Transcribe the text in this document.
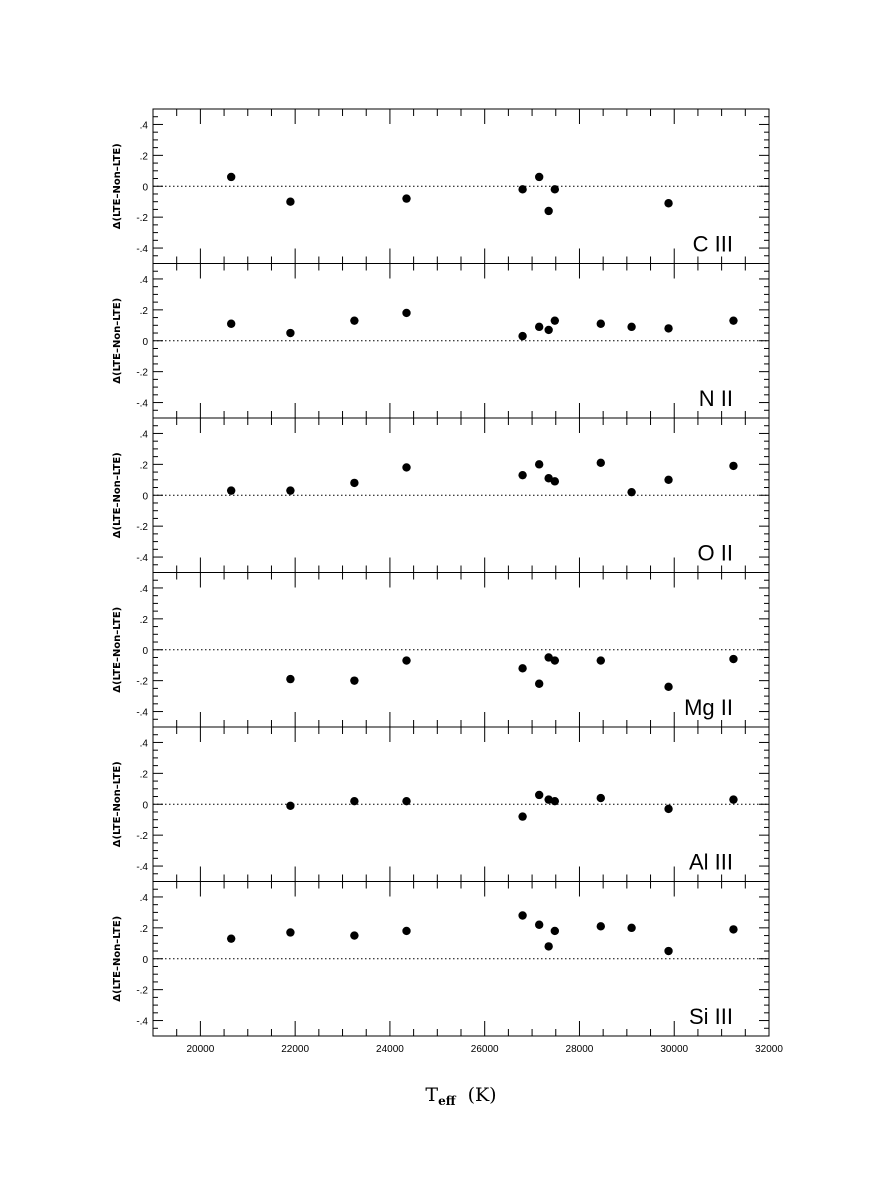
-.4
-.2
0
.2
.4
Δ(LTE–Non–LTE)
C III
-.4
-.2
0
.2
.4
Δ(LTE–Non–LTE)
N II
-.4
-.2
0
.2
.4
Δ(LTE–Non–LTE)
O II
-.4
-.2
0
.2
.4
Δ(LTE–Non–LTE)
Mg II
-.4
-.2
0
.2
.4
Δ(LTE–Non–LTE)
Al III
-.4
-.2
0
.2
.4
Δ(LTE–Non–LTE)
Si III
20000	22000	24000	26000	28000	30000	32000
$T_{eff}$ (K)
